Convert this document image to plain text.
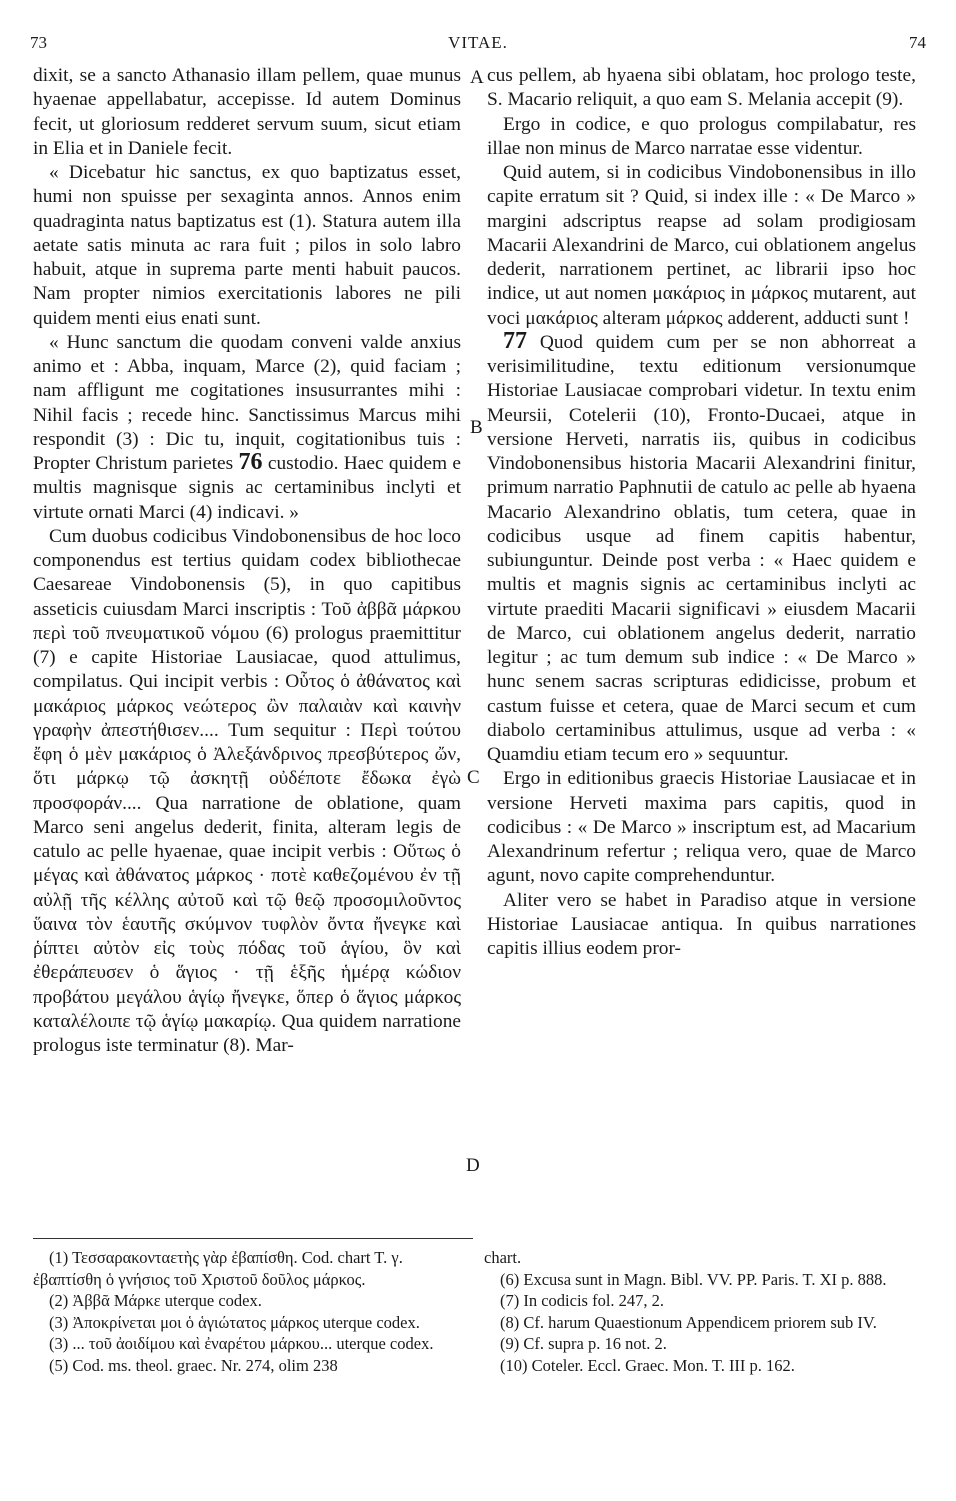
73	VITAE.	74
A
B
C
D

dixit, se a sancto Athanasio illam pellem, quae munus hyaenae appellabatur, accepisse. Id autem Dominus fecit, ut gloriosum redderet servum suum, sicut etiam in Elia et in Daniele fecit.

« Dicebatur hic sanctus, ex quo baptizatus esset, humi non spuisse per sexaginta annos. Annos enim quadraginta natus baptizatus est (1). Statura autem illa aetate satis minuta ac rara fuit ; pilos in solo labro habuit, atque in suprema parte menti habuit paucos. Nam propter nimios exercitationis labores ne pili quidem menti eius enati sunt.

« Hunc sanctum die quodam conveni valde anxius animo et : Abba, inquam, Marce (2), quid faciam ; nam affligunt me cogitationes insusurrantes mihi : Nihil facis ; recede hinc. Sanctissimus Marcus mihi respondit (3) : Dic tu, inquit, cogitationibus tuis : Propter Christum parietes 76 custodio. Haec quidem e multis magnisque signis ac certaminibus inclyti et virtute ornati Marci (4) indicavi. »

Cum duobus codicibus Vindobonensibus de hoc loco componendus est tertius quidam codex bibliothecae Caesareae Vindobonensis (5), in quo capitibus asseticis cuiusdam Marci inscriptis : Τοῦ ἀββᾶ μάρκου περὶ τοῦ πνευματικοῦ νόμου (6) prologus praemittitur (7) e capite Historiae Lausiacae, quod attulimus, compilatus. Qui incipit verbis : Οὗτος ὁ ἀθάνατος καὶ μακάριος μάρκος νεώτερος ὢν παλαιὰν καὶ καινὴν γραφὴν ἀπεστήθισεν.... Tum sequitur : Περὶ τούτου ἔφη ὁ μὲν μακάριος ὁ Ἀλεξάνδρινος πρεσβύτερος ὤν, ὅτι μάρκῳ τῷ ἀσκητῇ οὐδέποτε ἔδωκα ἐγὼ προσφοράν.... Qua narratione de oblatione, quam Marco seni angelus dederit, finita, alteram legis de catulo ac pelle hyaenae, quae incipit verbis : Οὕτως ὁ μέγας καὶ ἀθάνατος μάρκος · ποτὲ καθεζομένου ἐν τῇ αὐλῇ τῆς κέλλης αὐτοῦ καὶ τῷ θεῷ προσομιλοῦντος ὕαινα τὸν ἑαυτῆς σκύμνον τυφλὸν ὄντα ἤνεγκε καὶ ῥίπτει αὐτὸν εἰς τοὺς πόδας τοῦ ἁγίου, ὃν καὶ ἐθεράπευσεν ὁ ἅγιος · τῇ ἑξῆς ἡμέρᾳ κώδιον προβάτου μεγάλου ἁγίῳ ἤνεγκε, ὅπερ ὁ ἅγιος μάρκος καταλέλοιπε τῷ ἁγίῳ μακαρίῳ. Qua quidem narratione prologus iste terminatur (8). Mar-

cus pellem, ab hyaena sibi oblatam, hoc prologo teste, S. Macario reliquit, a quo eam S. Melania accepit (9).

Ergo in codice, e quo prologus compilabatur, res illae non minus de Marco narratae esse videntur.

Quid autem, si in codicibus Vindobonensibus in illo capite erratum sit ? Quid, si index ille : « De Marco » margini adscriptus reapse ad solam prodigiosam Macarii Alexandrini de Marco, cui oblationem angelus dederit, narrationem pertinet, ac librarii ipso hoc indice, ut aut nomen μακάριος in μάρκος mutarent, aut voci μακάριος alteram μάρκος adderent, adducti sunt !

77 Quod quidem cum per se non abhorreat a verisimilitudine, textu editionum versionumque Historiae Lausiacae comprobari videtur. In textu enim Meursii, Cotelerii (10), Fronto-Ducaei, atque in versione Herveti, narratis iis, quibus in codicibus Vindobonensibus historia Macarii Alexandrini finitur, primum narratio Paphnutii de catulo ac pelle ab hyaena Macario Alexandrino oblatis, tum cetera, quae in codicibus usque ad finem capitis habentur, subiunguntur. Deinde post verba : « Haec quidem e multis et magnis signis ac certaminibus inclyti ac virtute praediti Macarii significavi » eiusdem Macarii de Marco, cui oblationem angelus dederit, narratio legitur ; ac tum demum sub indice : « De Marco » hunc senem sacras scripturas edidicisse, probum et castum fuisse et cetera, quae de Marci secum et cum diabolo certaminibus attulimus, usque ad verba : « Quamdiu etiam tecum ero » sequuntur.

Ergo in editionibus graecis Historiae Lausiacae et in versione Herveti maxima pars capitis, quod in codicibus : « De Marco » inscriptum est, ad Macarium Alexandrinum refertur ; reliqua vero, quae de Marco agunt, novo capite comprehenduntur.

Aliter vero se habet in Paradiso atque in versione Historiae Lausiacae antiqua. In quibus narrationes capitis illius eodem pror-

(1) Τεσσαρακονταετὴς γὰρ ἐβαπίσθη. Cod. chart T. γ. ἐβαπτίσθη ὁ γνήσιος τοῦ Χριστοῦ δοῦλος μάρκος.

(2) Ἀββᾶ Μάρκε uterque codex.

(3) Ἀποκρίνεται μοι ὁ ἁγιώτατος μάρκος uterque codex.

(3) ... τοῦ ἀοιδίμου καὶ ἐναρέτου μάρκου... uterque codex.

(5) Cod. ms. theol. graec. Nr. 274, olim 238

chart.

(6) Excusa sunt in Magn. Bibl. VV. PP. Paris. T. XI p. 888.

(7) In codicis fol. 247, 2.

(8) Cf. harum Quaestionum Appendicem priorem sub IV.

(9) Cf. supra p. 16 not. 2.

(10) Coteler. Eccl. Graec. Mon. T. III p. 162.
